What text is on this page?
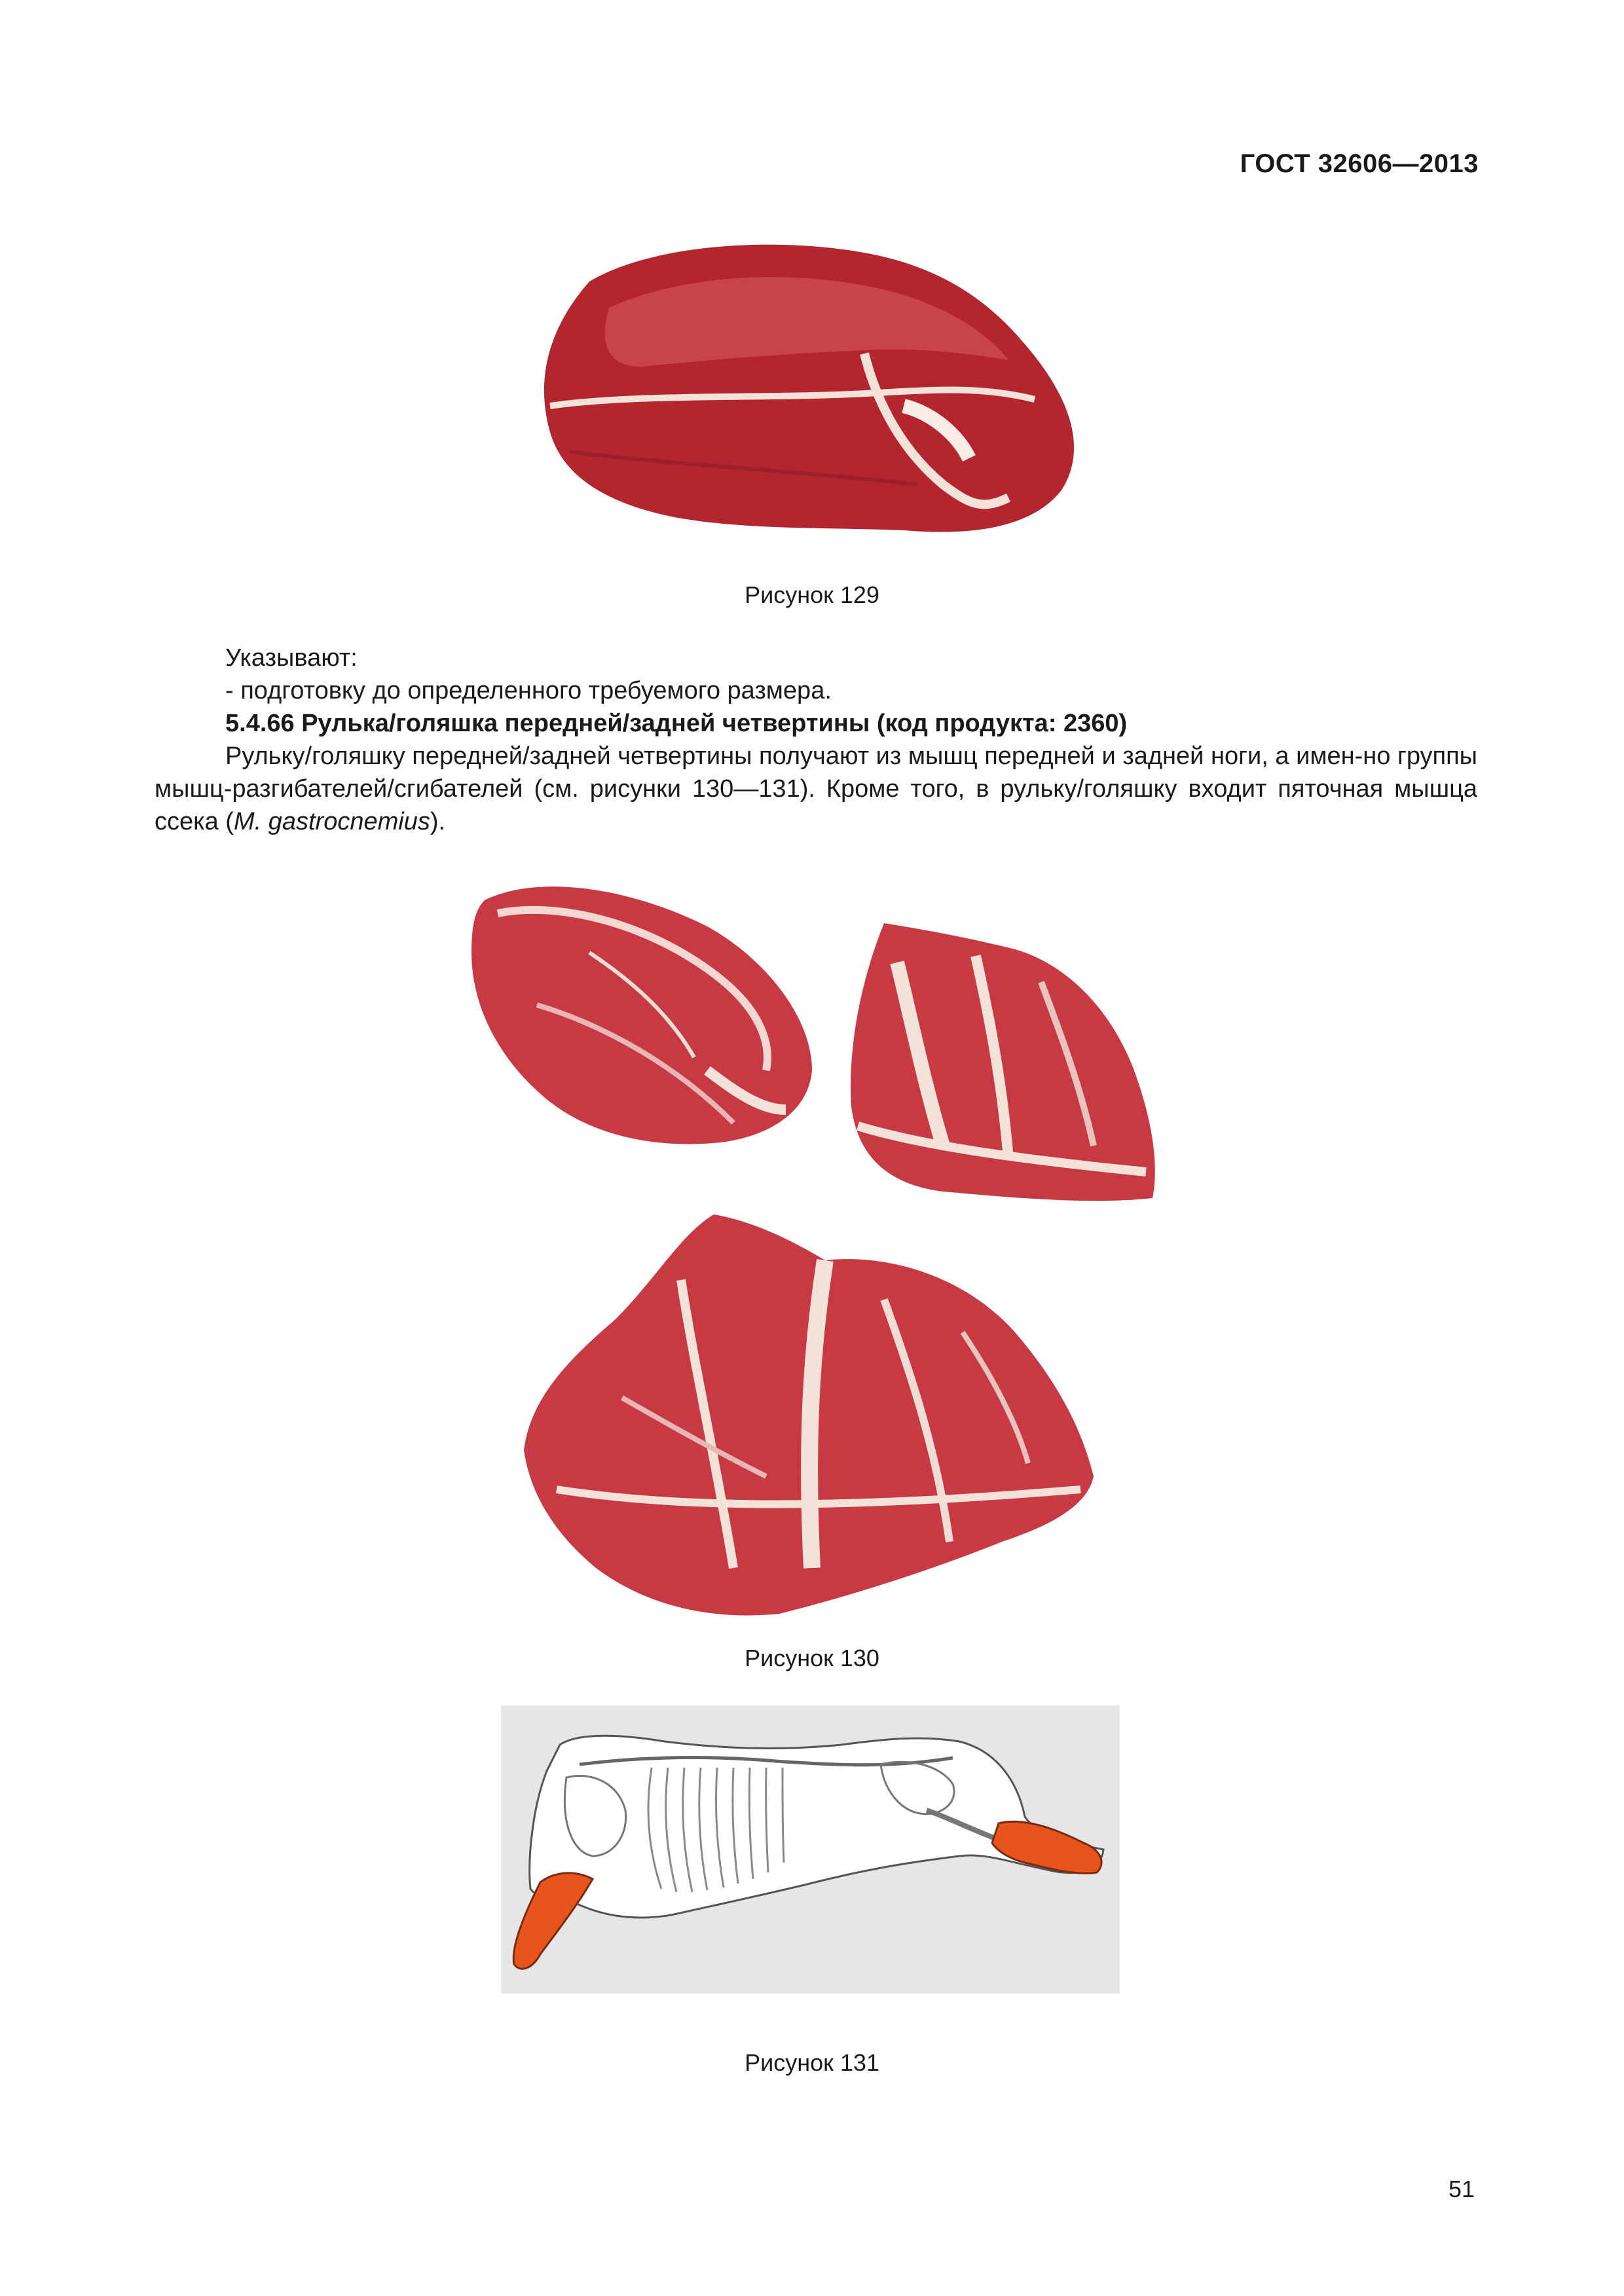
ГОСТ 32606—2013
Рисунок 129
Указывают:
- подготовку до определенного требуемого размера.
5.4.66 Рулька/голяшка передней/задней четвертины (код продукта: 2360)
Рульку/голяшку передней/задней четвертины получают из мышц передней и задней ноги, а имен-но группы мышц-разгибателей/сгибателей (см. рисунки 130—131). Кроме того, в рульку/голяшку входит пяточная мышца ссека (M. gastrocnemius).
Рисунок 130
Рисунок 131
51
